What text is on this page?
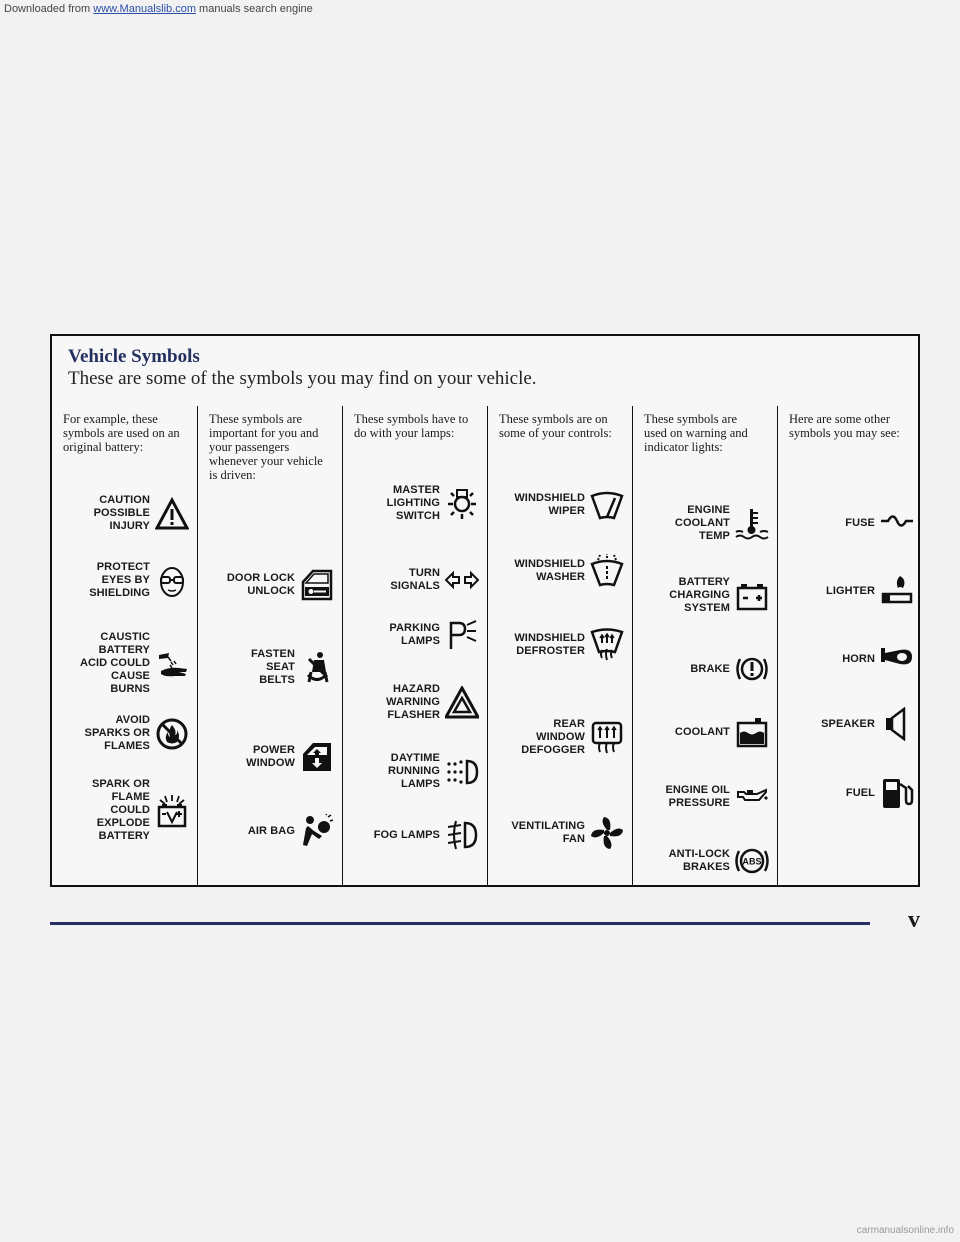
Downloaded from www.Manualslib.com manuals search engine
Vehicle Symbols
These are some of the symbols you may find on your vehicle.
For example, these symbols are used on an original battery:
CAUTION
POSSIBLE
INJURY
PROTECT
EYES BY
SHIELDING
CAUSTIC
BATTERY
ACID COULD
CAUSE
BURNS
AVOID
SPARKS OR
FLAMES
SPARK OR
FLAME
COULD
EXPLODE
BATTERY
These symbols are important for you and your passengers whenever your vehicle is driven:
DOOR LOCK
UNLOCK
FASTEN
SEAT
BELTS
POWER
WINDOW
AIR BAG
These symbols have to do with your lamps:
MASTER
LIGHTING
SWITCH
TURN
SIGNALS
PARKING
LAMPS
HAZARD
WARNING
FLASHER
DAYTIME
RUNNING
LAMPS
FOG LAMPS
These symbols are on some of your controls:
WINDSHIELD
WIPER
WINDSHIELD
WASHER
WINDSHIELD
DEFROSTER
REAR
WINDOW
DEFOGGER
VENTILATING
FAN
These symbols are used on warning and indicator lights:
ENGINE
COOLANT
TEMP
BATTERY
CHARGING
SYSTEM
BRAKE
COOLANT
ENGINE OIL
PRESSURE
ANTI-LOCK
BRAKES ABS
Here are some other symbols you may see:
FUSE
LIGHTER
HORN
SPEAKER
FUEL
v
carmanualsonline.info
